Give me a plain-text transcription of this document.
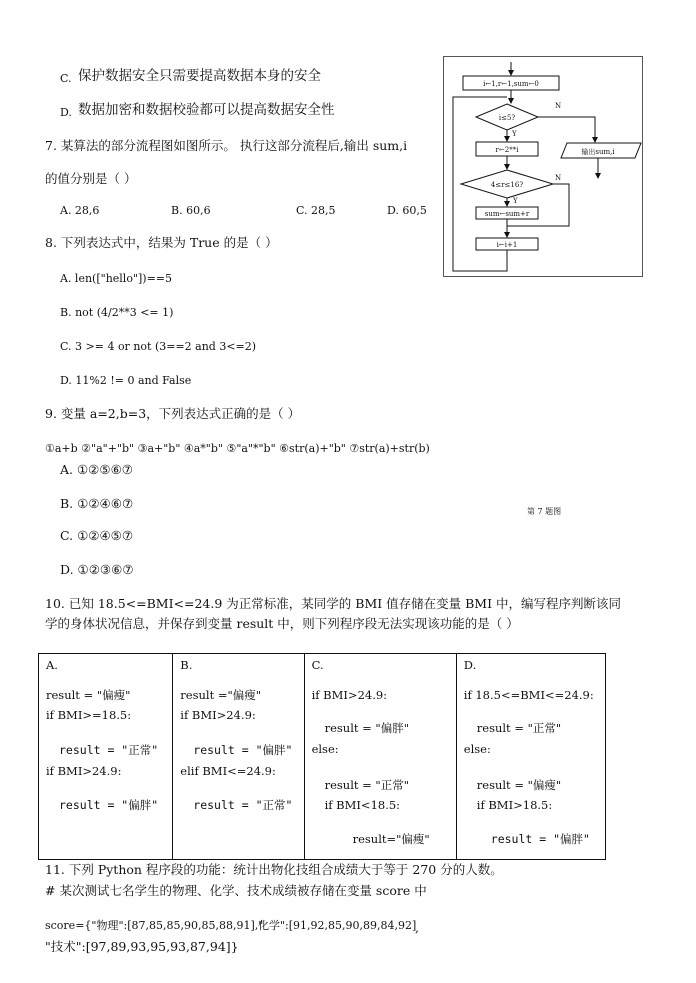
C. 保护数据安全只需要提高数据本身的安全
D. 数据加密和数据校验都可以提高数据安全性
7. 某算法的部分流程图如图所示。 执行这部分流程后,输出 sum,i
的值分别是（ ）
A. 28,6	B. 60,6	C. 28,5	D. 60,5
i←1,r←1,sum←0
i≤5?
Y
N
输出sum,i
r←2**i
4≤r≤16?
Y
N
sum←sum+r
i←i+1
第 7 题图
8. 下列表达式中，结果为 True 的是（ ）
A. len(["hello"])==5
B. not (4/2**3 <= 1)
C. 3 >= 4 or not (3==2 and 3<=2)
D. 11%2 != 0 and False
9. 变量 a=2,b=3，下列表达式正确的是（ ）
①a+b ②"a"+"b" ③a+"b" ④a*"b" ⑤"a"*"b" ⑥str(a)+"b" ⑦str(a)+str(b)
A. ①②⑤⑥⑦
B. ①②④⑥⑦
C. ①②④⑤⑦
D. ①②③⑥⑦
10. 已知 18.5<=BMI<=24.9 为正常标准，某同学的 BMI 值存储在变量 BMI 中，编写程序判断该同
学的身体状况信息，并保存到变量 result 中，则下列程序段无法实现该功能的是（ ）
A.
result = "偏瘦"
if BMI>=18.5:
result = "正常"
if BMI>24.9:
result = "偏胖"

B.
result ="偏瘦"
if BMI>24.9:
result = "偏胖"
elif BMI<=24.9:
result = "正常"

C.
if BMI>24.9:
result = "偏胖"
else:
result = "正常"
if BMI<18.5:
result="偏瘦"

D.
if 18.5<=BMI<=24.9:
result = "正常"
else:
result = "偏瘦"
if BMI>18.5:
result = "偏胖"
11. 下列 Python 程序段的功能：统计出物化技组合成绩大于等于 270 分的人数。
# 某次测试七名学生的物理、化学、技术成绩被存储在变量 score 中
score={"物理":[87,85,85,90,85,88,91],"
化学":[91,92,85,90,89,84,92]
,
"技术":[97,89,93,95,93,87,94]}
